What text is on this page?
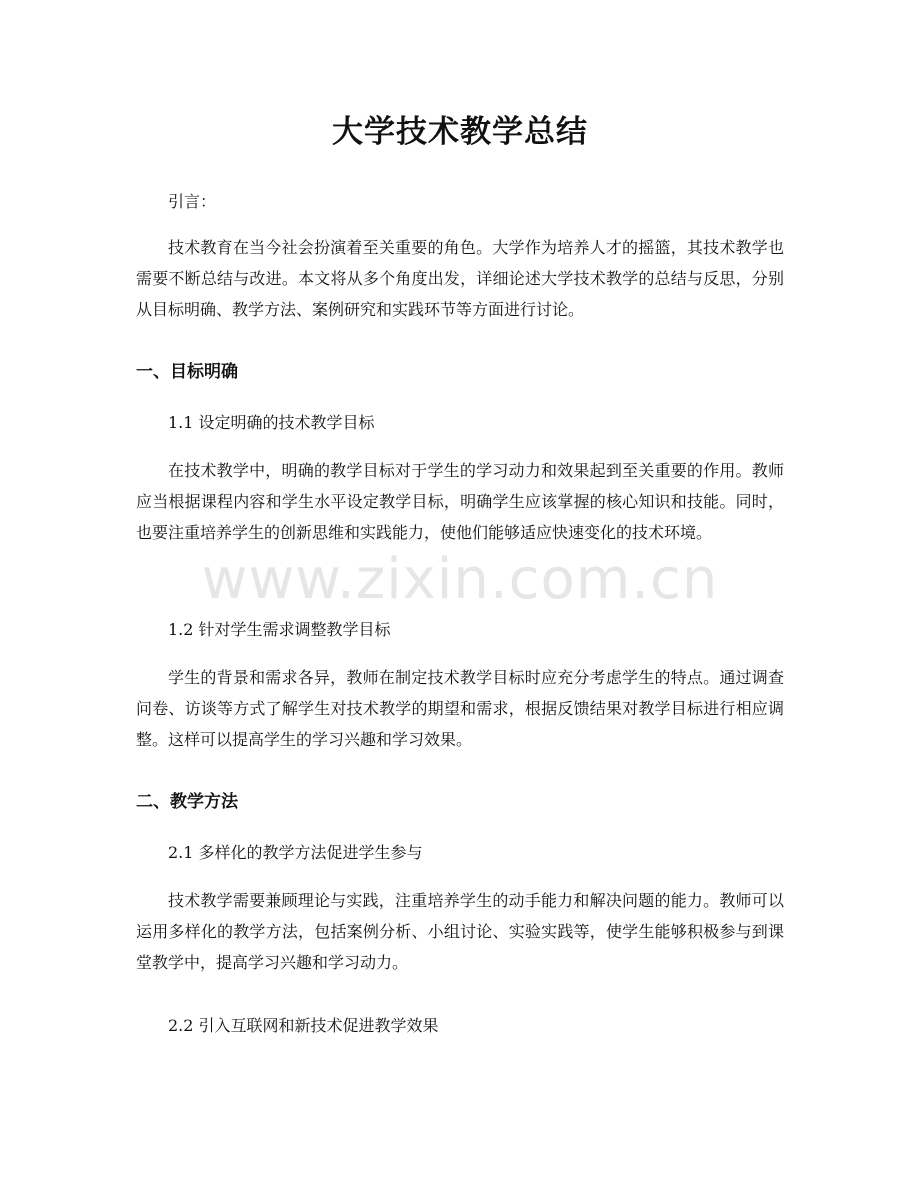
大学技术教学总结

引言：

技术教育在当今社会扮演着至关重要的角色。大学作为培养人才的摇篮，其技术教学也需要不断总结与改进。本文将从多个角度出发，详细论述大学技术教学的总结与反思，分别从目标明确、教学方法、案例研究和实践环节等方面进行讨论。

一、目标明确

1.1 设定明确的技术教学目标

在技术教学中，明确的教学目标对于学生的学习动力和效果起到至关重要的作用。教师应当根据课程内容和学生水平设定教学目标，明确学生应该掌握的核心知识和技能。同时，也要注重培养学生的创新思维和实践能力，使他们能够适应快速变化的技术环境。

1.2 针对学生需求调整教学目标

学生的背景和需求各异，教师在制定技术教学目标时应充分考虑学生的特点。通过调查问卷、访谈等方式了解学生对技术教学的期望和需求，根据反馈结果对教学目标进行相应调整。这样可以提高学生的学习兴趣和学习效果。

二、教学方法

2.1 多样化的教学方法促进学生参与

技术教学需要兼顾理论与实践，注重培养学生的动手能力和解决问题的能力。教师可以运用多样化的教学方法，包括案例分析、小组讨论、实验实践等，使学生能够积极参与到课堂教学中，提高学习兴趣和学习动力。

2.2 引入互联网和新技术促进教学效果

www.zixin.com.cn
